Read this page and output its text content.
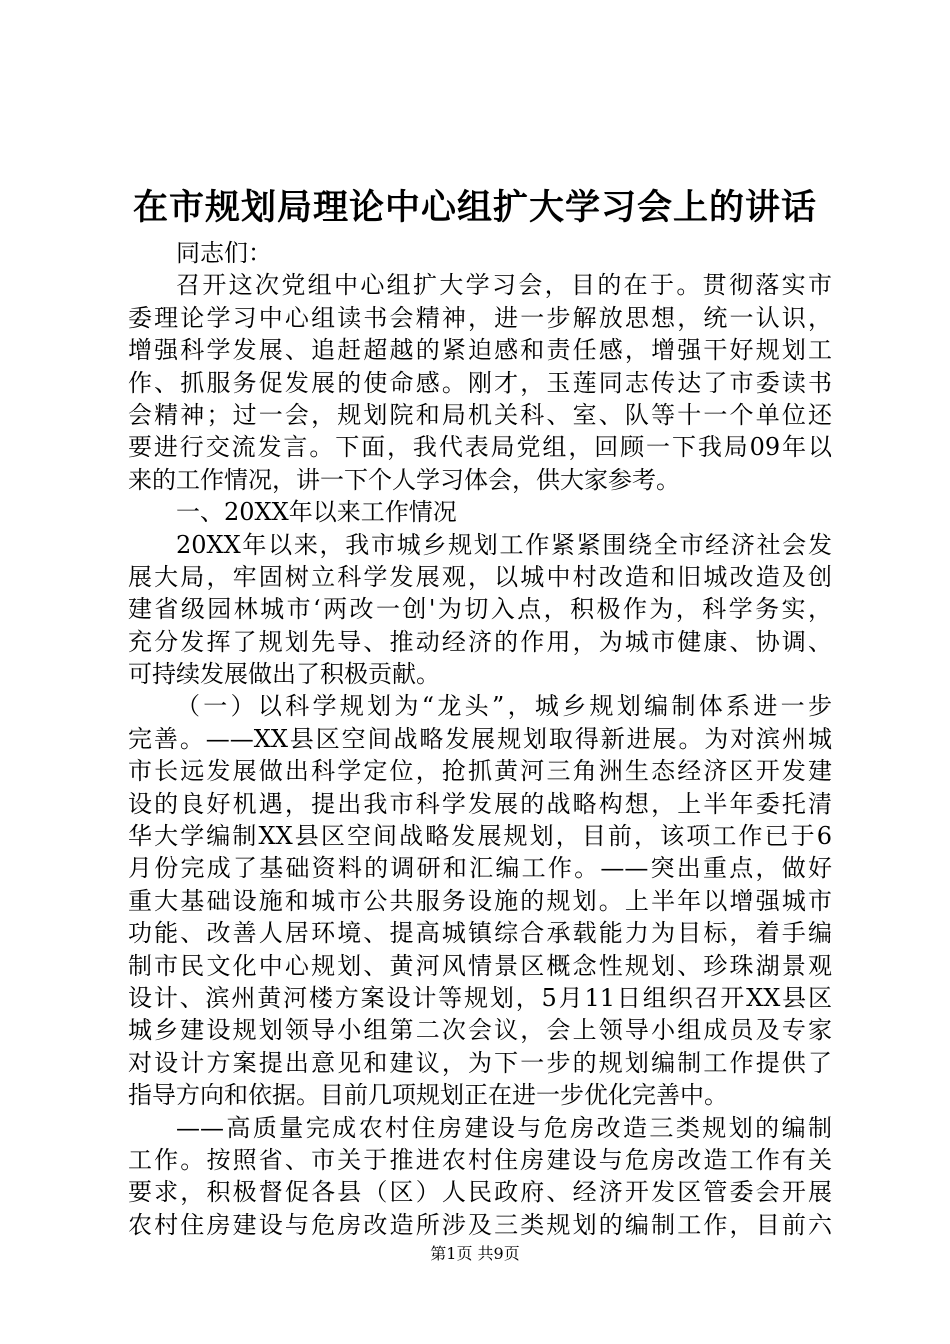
在市规划局理论中心组扩大学习会上的讲话
同志们：
召开这次党组中心组扩大学习会，目的在于。贯彻落实市
委理论学习中心组读书会精神，进一步解放思想，统一认识，
增强科学发展、追赶超越的紧迫感和责任感，增强干好规划工
作、抓服务促发展的使命感。刚才，玉莲同志传达了市委读书
会精神；过一会，规划院和局机关科、室、队等十一个单位还
要进行交流发言。下面，我代表局党组，回顾一下我局09年以
来的工作情况，讲一下个人学习体会，供大家参考。
一、20XX年以来工作情况
20XX年以来，我市城乡规划工作紧紧围绕全市经济社会发
展大局，牢固树立科学发展观，以城中村改造和旧城改造及创
建省级园林城市‘两改一创'为切入点，积极作为，科学务实，
充分发挥了规划先导、推动经济的作用，为城市健康、协调、
可持续发展做出了积极贡献。
（一）以科学规划为“龙头”，城乡规划编制体系进一步
完善。——XX县区空间战略发展规划取得新进展。为对滨州城
市长远发展做出科学定位，抢抓黄河三角洲生态经济区开发建
设的良好机遇，提出我市科学发展的战略构想，上半年委托清
华大学编制XX县区空间战略发展规划，目前，该项工作已于6
月份完成了基础资料的调研和汇编工作。——突出重点，做好
重大基础设施和城市公共服务设施的规划。上半年以增强城市
功能、改善人居环境、提高城镇综合承载能力为目标，着手编
制市民文化中心规划、黄河风情景区概念性规划、珍珠湖景观
设计、滨州黄河楼方案设计等规划，5月11日组织召开XX县区
城乡建设规划领导小组第二次会议，会上领导小组成员及专家
对设计方案提出意见和建议，为下一步的规划编制工作提供了
指导方向和依据。目前几项规划正在进一步优化完善中。
——高质量完成农村住房建设与危房改造三类规划的编制
工作。按照省、市关于推进农村住房建设与危房改造工作有关
要求，积极督促各县（区）人民政府、经济开发区管委会开展
农村住房建设与危房改造所涉及三类规划的编制工作，目前六
第1页 共9页
